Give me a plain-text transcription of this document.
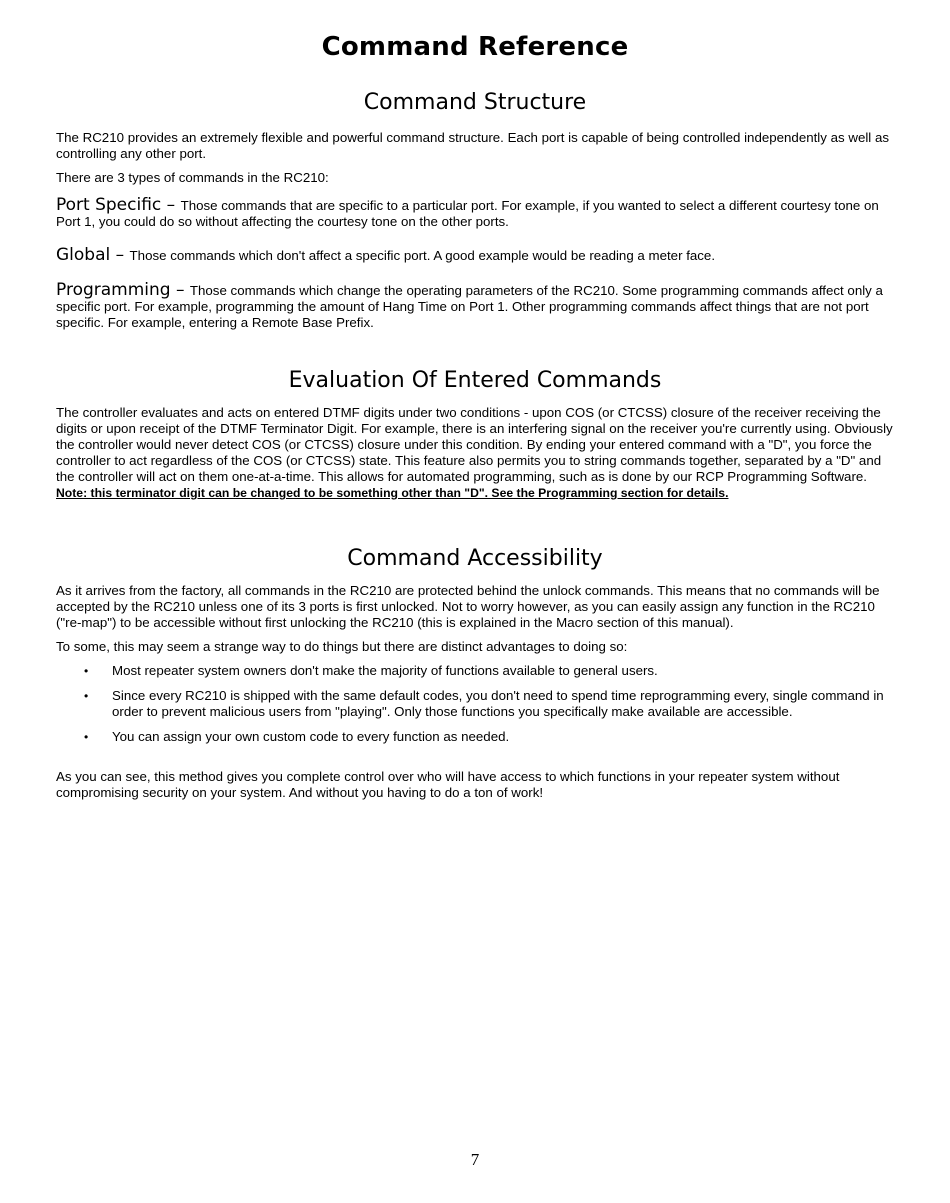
Command Reference
Command Structure
The RC210 provides an extremely flexible and powerful command structure. Each port is capable of being controlled independently as well as controlling any other port.
There are 3 types of commands in the RC210:
Port Specific – Those commands that are specific to a particular port. For example, if you wanted to select a different courtesy tone on Port 1, you could do so without affecting the courtesy tone on the other ports.
Global – Those commands which don't affect a specific port. A good example would be reading a meter face.
Programming – Those commands which change the operating parameters of the RC210. Some programming commands affect only a specific port. For example, programming the amount of Hang Time on Port 1. Other programming commands affect things that are not port specific. For example, entering a Remote Base Prefix.
Evaluation Of Entered Commands
The controller evaluates and acts on entered DTMF digits under two conditions - upon COS (or CTCSS) closure of the receiver receiving the digits or upon receipt of the DTMF Terminator Digit. For example, there is an interfering signal on the receiver you're currently using. Obviously the controller would never detect COS (or CTCSS) closure under this condition. By ending your entered command with a "D", you force the controller to act regardless of the COS (or CTCSS) state. This feature also permits you to string commands together, separated by a "D" and the controller will act on them one-at-a-time. This allows for automated programming, such as is done by our RCP Programming Software. Note: this terminator digit can be changed to be something other than "D". See the Programming section for details.
Command Accessibility
As it arrives from the factory, all commands in the RC210 are protected behind the unlock commands. This means that no commands will be accepted by the RC210 unless one of its 3 ports is first unlocked. Not to worry however, as you can easily assign any function in the RC210 ("re-map") to be accessible without first unlocking the RC210 (this is explained in the Macro section of this manual).
To some, this may seem a strange way to do things but there are distinct advantages to doing so:
• Most repeater system owners don't make the majority of functions available to general users.
• Since every RC210 is shipped with the same default codes, you don't need to spend time reprogramming every, single command in order to prevent malicious users from "playing". Only those functions you specifically make available are accessible.
• You can assign your own custom code to every function as needed.
As you can see, this method gives you complete control over who will have access to which functions in your repeater system without compromising security on your system. And without you having to do a ton of work!
7
